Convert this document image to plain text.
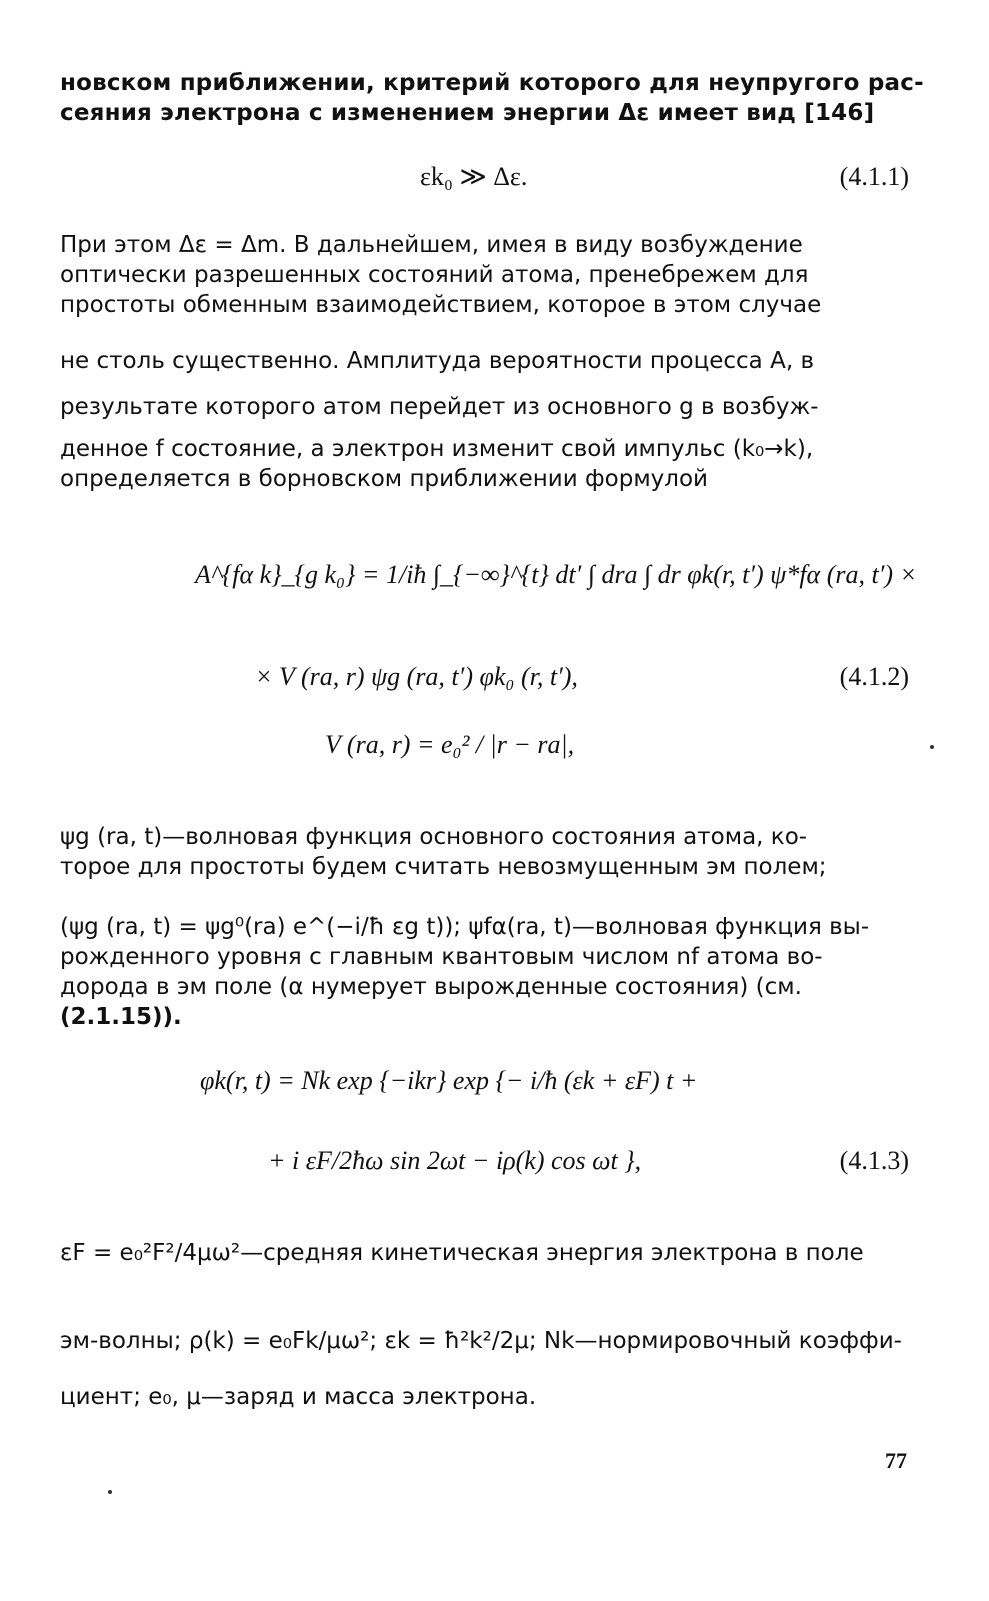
новском приближении, критерий которого для неупругого рас-
сеяния электрона с изменением энергии Δε имеет вид [146]
εk₀ ≫ Δε.	(4.1.1)
При этом Δε = Δm. В дальнейшем, имея в виду возбуждение
оптически разрешенных состояний атома, пренебрежем для
простоты обменным взаимодействием, которое в этом случае
не столь существенно. Амплитуда вероятности процесса A, в
результате которого атом перейдет из основного g в возбуж-
денное f состояние, а электрон изменит свой импульс (k₀→k),
определяется в борновском приближении формулой
A^{fα k}_{g k₀} = 1/iħ ∫_{−∞}^{t} dt′ ∫ dra ∫ dr φk(r, t′) ψ*fα (ra, t′) ×
× V (ra, r) ψg (ra, t′) φk₀ (r, t′),	(4.1.2)
V (ra, r) = e₀² / |r − ra|,
ψg (ra, t)—волновая функция основного состояния атома, ко-
торое для простоты будем считать невозмущенным эм полем;
(ψg (ra, t) = ψg⁰(ra) e^(−i/ħ εg t)); ψfα(ra, t)—волновая функция вы-
рожденного уровня с главным квантовым числом nf атома во-
дорода в эм поле (α нумерует вырожденные состояния) (см.
(2.1.15)).
φk(r, t) = Nk exp {−ikr} exp {− i/ħ (εk + εF) t +
+ i εF/2ħω sin 2ωt − iρ(k) cos ωt },	(4.1.3)
εF = e₀²F²/4μω²—средняя кинетическая энергия электрона в поле
эм-волны; ρ(k) = e₀Fk/μω²; εk = ħ²k²/2μ; Nk—нормировочный коэффи-
циент; e₀, μ—заряд и масса электрона.
77
